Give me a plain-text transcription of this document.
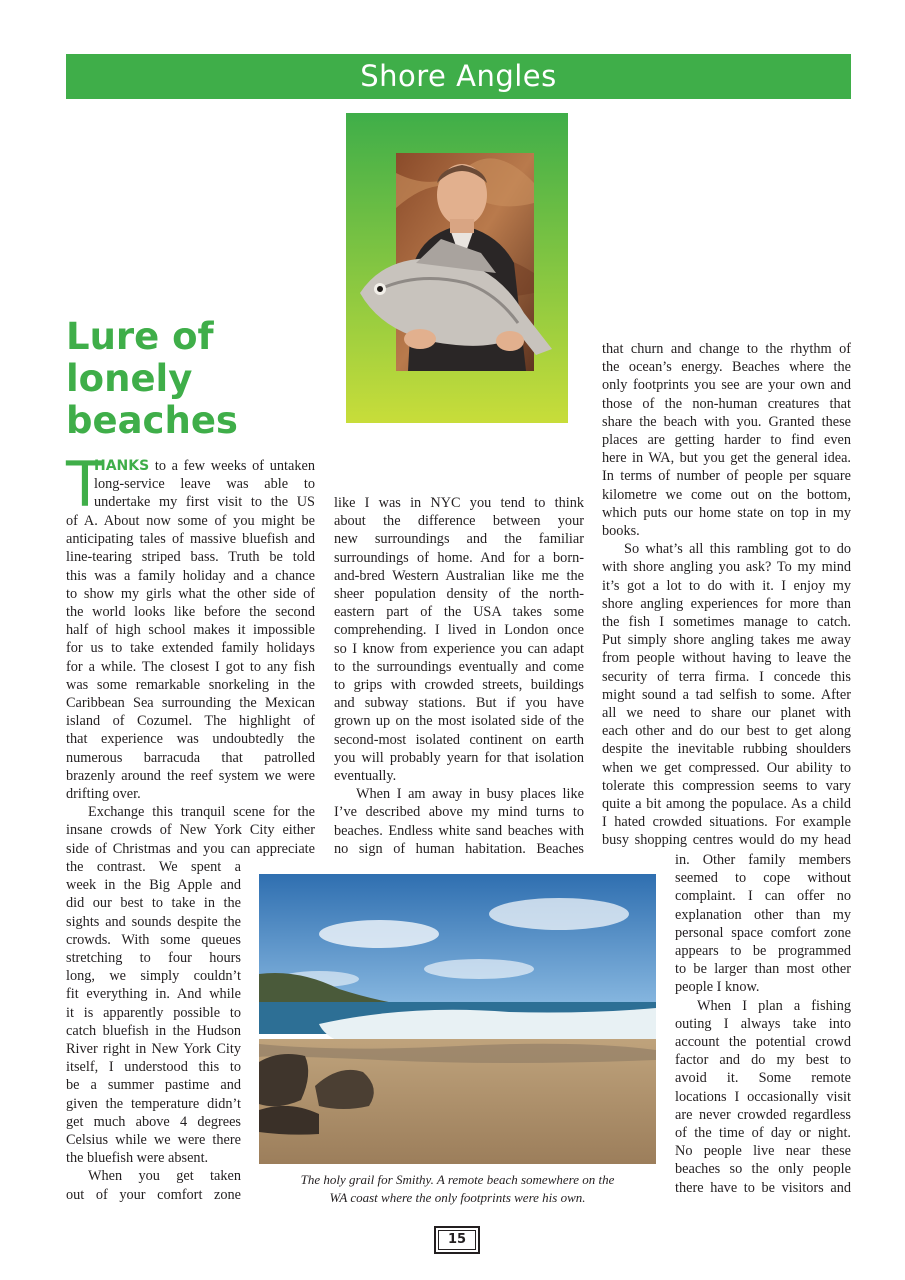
Shore Angles
Lure of
lonely
beaches
T
HANKS to a few weeks of untaken
long-service leave was able to
undertake my first visit to the US
of A. About now some of you might be
anticipating tales of massive bluefish and
line-tearing striped bass. Truth be told
this was a family holiday and a chance
to show my girls what the other side of
the world looks like before the second
half of high school makes it impossible
for us to take extended family holidays
for a while. The closest I got to any fish
was some remarkable snorkeling in the
Caribbean Sea surrounding the Mexican
island of Cozumel. The highlight of
that experience was undoubtedly the
numerous barracuda that patrolled
brazenly around the reef system we were
drifting over.
Exchange this tranquil scene for the
insane crowds of New York City either
side of Christmas and you can appreciate
the contrast. We spent a
week in the Big Apple and
did our best to take in the
sights and sounds despite the
crowds. With some queues
stretching to four hours
long, we simply couldn’t
fit everything in. And while
it is apparently possible to
catch bluefish in the Hudson
River right in New York City
itself, I understood this to
be a summer pastime and
given the temperature didn’t
get much above 4 degrees
Celsius while we were there
the bluefish were absent.
When you get taken
out of your comfort zone
like I was in NYC you tend to think
about the difference between your
new surroundings and the familiar
surroundings of home. And for a born-
and-bred Western Australian like me the
sheer population density of the north-
eastern part of the USA takes some
comprehending. I lived in London once
so I know from experience you can adapt
to the surroundings eventually and come
to grips with crowded streets, buildings
and subway stations. But if you have
grown up on the most isolated side of the
second-most isolated continent on earth
you will probably yearn for that isolation
eventually.
When I am away in busy places like
I’ve described above my mind turns to
beaches. Endless white sand beaches with
no sign of human habitation. Beaches
that churn and change to the rhythm of
the ocean’s energy. Beaches where the
only footprints you see are your own and
those of the non-human creatures that
share the beach with you. Granted these
places are getting harder to find even
here in WA, but you get the general idea.
In terms of number of people per square
kilometre we come out on the bottom,
which puts our home state on top in my
books.
So what’s all this rambling got to do
with shore angling you ask? To my mind
it’s got a lot to do with it. I enjoy my
shore angling experiences for more than
the fish I sometimes manage to catch.
Put simply shore angling takes me away
from people without having to leave the
security of terra firma. I concede this
might sound a tad selfish to some. After
all we need to share our planet with
each other and do our best to get along
despite the inevitable rubbing shoulders
when we get compressed. Our ability to
tolerate this compression seems to vary
quite a bit among the populace. As a child
I hated crowded situations. For example
busy shopping centres would do my head
in. Other family members
seemed to cope without
complaint. I can offer no
explanation other than my
personal space comfort zone
appears to be programmed
to be larger than most other
people I know.
When I plan a fishing
outing I always take into
account the potential crowd
factor and do my best to
avoid it. Some remote
locations I occasionally visit
are never crowded regardless
of the time of day or night.
No people live near these
beaches so the only people
there have to be visitors and
The holy grail for Smithy. A remote beach somewhere on the
WA coast where the only footprints were his own.
15
